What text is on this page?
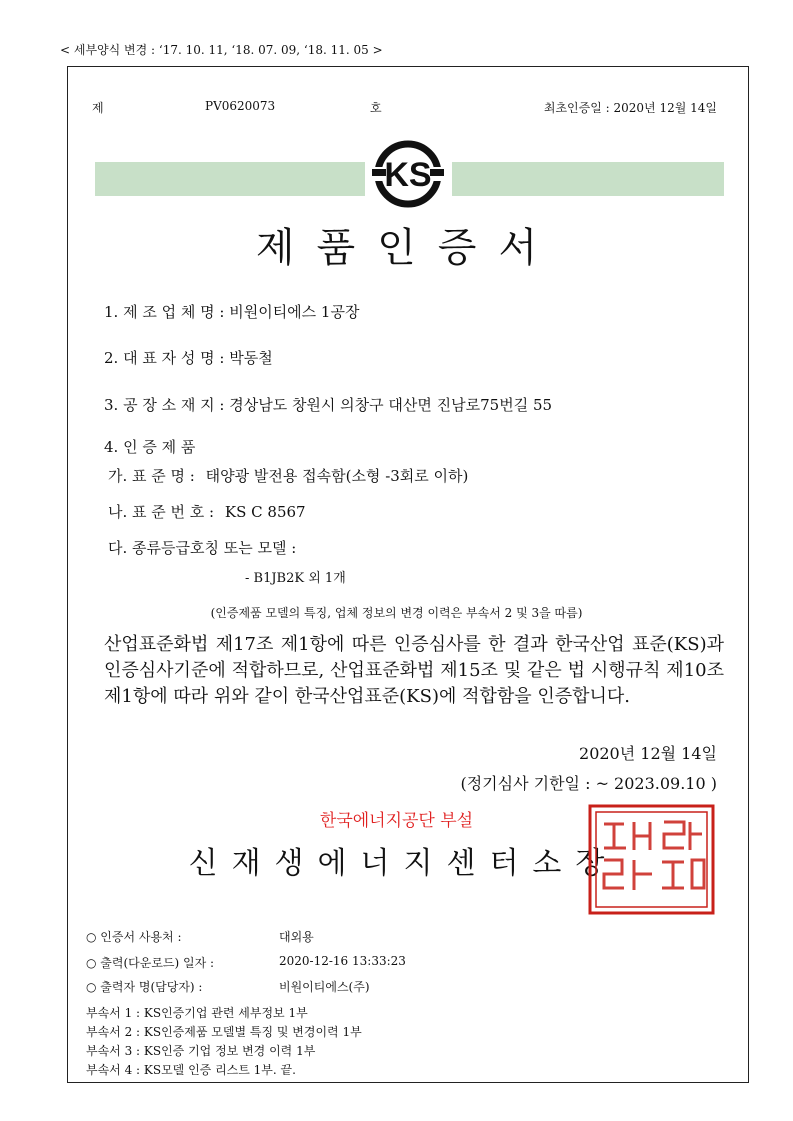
< 세부양식 변경 : ‘17. 10. 11, ‘18. 07. 09, ‘18. 11. 05 >
제	PV0620073	호	최초인증일 : 2020년 12월 14일
KS
제품인증서
1. 제 조 업 체 명 : 비원이티에스 1공장
2. 대 표 자 성 명 : 박동철
3. 공 장 소 재 지 : 경상남도 창원시 의창구 대산면 진남로75번길 55
4. 인 증 제 품
가. 표 준 명 : 태양광 발전용 접속함(소형 -3회로 이하)
나. 표 준 번 호 : KS C 8567
다. 종류등급호칭 또는 모델 :
- B1JB2K 외 1개
(인증제품 모델의 특징, 업체 정보의 변경 이력은 부속서 2 및 3을 따름)
산업표준화법 제17조 제1항에 따른 인증심사를 한 결과 한국산업 표준(KS)과 인증심사기준에 적합하므로, 산업표준화법 제15조 및 같은 법 시행규칙 제10조 제1항에 따라 위와 같이 한국산업표준(KS)에 적합함을 인증합니다.
2020년 12월 14일
(정기심사 기한일 : ~ 2023.09.10 )
한국에너지공단 부설
신재생에너지센터소장
○ 인증서 사용처 :	대외용
○ 출력(다운로드) 일자 :	2020-12-16 13:33:23
○ 출력자 명(담당자) :	비원이티에스(주)
부속서 1 : KS인증기업 관련 세부정보 1부
부속서 2 : KS인증제품 모델별 특징 및 변경이력 1부
부속서 3 : KS인증 기업 정보 변경 이력 1부
부속서 4 : KS모델 인증 리스트 1부. 끝.
